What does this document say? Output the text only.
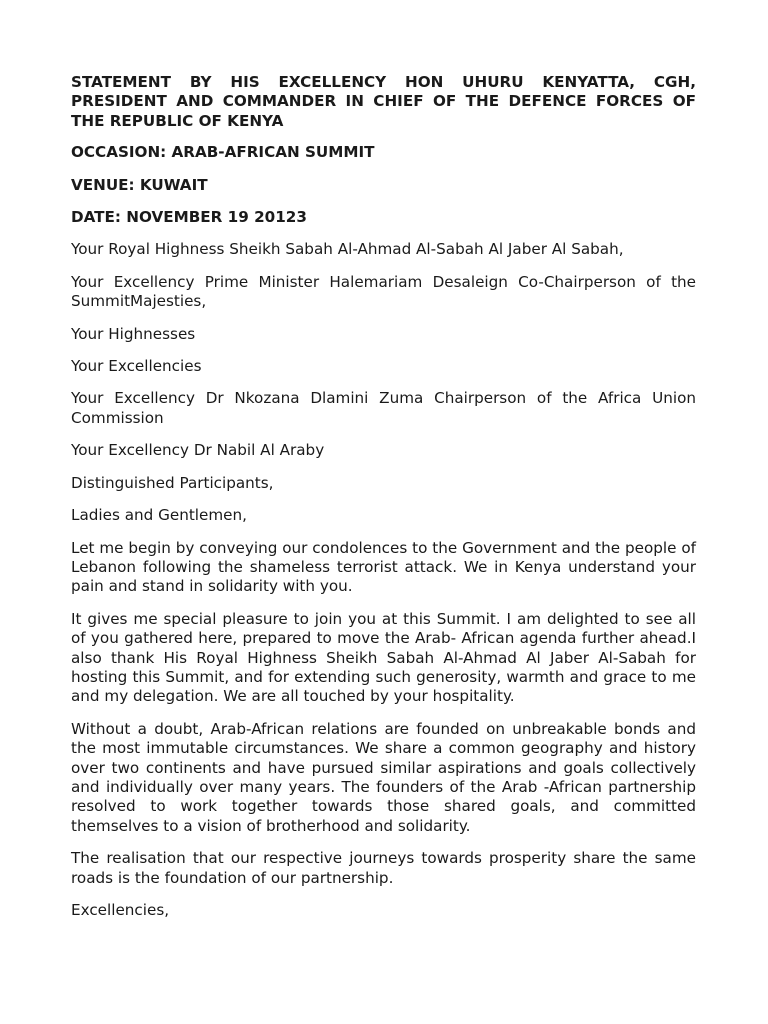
STATEMENT BY HIS EXCELLENCY HON UHURU KENYATTA, CGH, PRESIDENT AND COMMANDER IN CHIEF OF THE DEFENCE FORCES OF THE REPUBLIC OF KENYA

OCCASION: ARAB-AFRICAN SUMMIT

VENUE: KUWAIT

DATE: NOVEMBER 19 20123

Your Royal Highness Sheikh Sabah Al-Ahmad Al-Sabah Al Jaber Al Sabah,

Your Excellency Prime Minister Halemariam Desaleign Co-Chairperson of the SummitMajesties,

Your Highnesses

Your Excellencies

Your Excellency Dr Nkozana Dlamini Zuma Chairperson of the Africa Union Commission

Your Excellency Dr Nabil Al Araby

Distinguished Participants,

Ladies and Gentlemen,

Let me begin by conveying our condolences to the Government and the people of Lebanon following the shameless terrorist attack. We in Kenya understand your pain and stand in solidarity with you.

It gives me special pleasure to join you at this Summit. I am delighted to see all of you gathered here, prepared to move the Arab- African agenda further ahead.I also thank His Royal Highness Sheikh Sabah Al-Ahmad Al Jaber Al-Sabah for hosting this Summit, and for extending such generosity, warmth and grace to me and my delegation. We are all touched by your hospitality.

Without a doubt, Arab-African relations are founded on unbreakable bonds and the most immutable circumstances. We share a common geography and history over two continents and have pursued similar aspirations and goals collectively and individually over many years. The founders of the Arab -African partnership resolved to work together towards those shared goals, and committed themselves to a vision of brotherhood and solidarity.

The realisation that our respective journeys towards prosperity share the same roads is the foundation of our partnership.

Excellencies,
